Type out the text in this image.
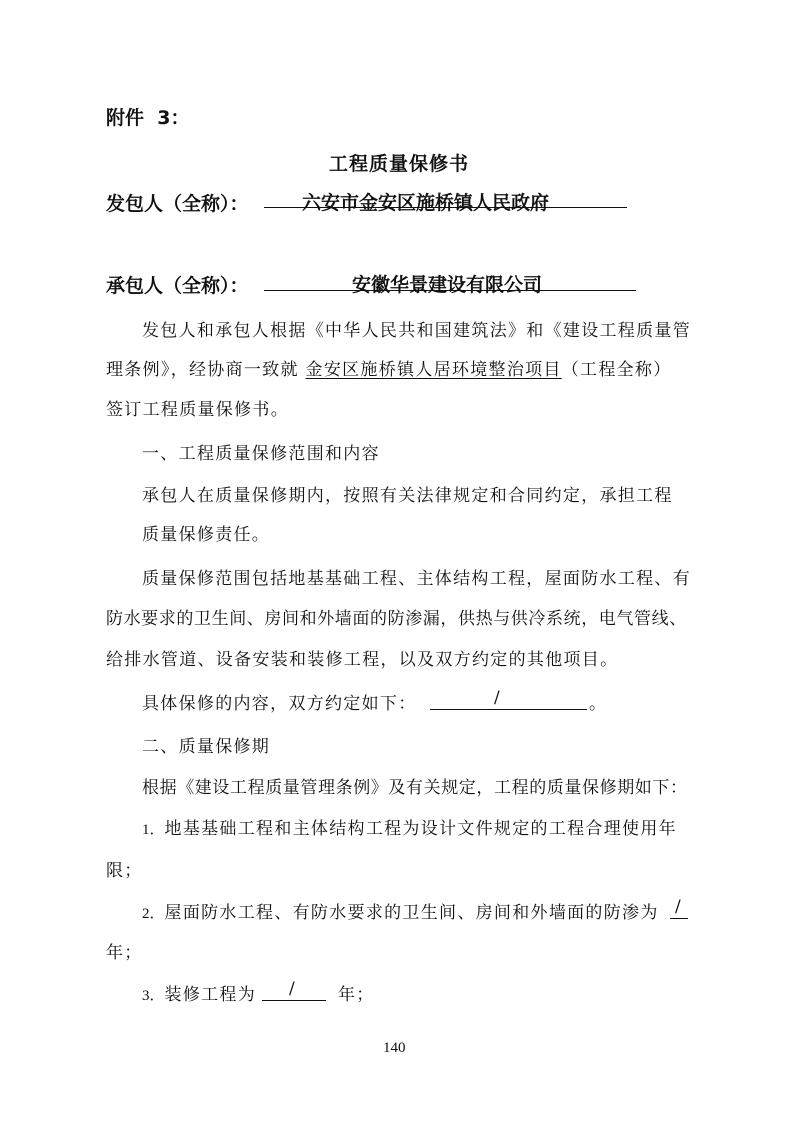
附件 3：
工程质量保修书
发包人（全称）：	六安市金安区施桥镇人民政府
承包人（全称）：	安徽华景建设有限公司
发包人和承包人根据《中华人民共和国建筑法》和《建设工程质量管
理条例》，经协商一致就 金安区施桥镇人居环境整治项目（工程全称）
签订工程质量保修书。
一、工程质量保修范围和内容
承包人在质量保修期内，按照有关法律规定和合同约定，承担工程
质量保修责任。
质量保修范围包括地基基础工程、主体结构工程，屋面防水工程、有
防水要求的卫生间、房间和外墙面的防渗漏，供热与供冷系统，电气管线、
给排水管道、设备安装和装修工程，以及双方约定的其他项目。
具体保修的内容，双方约定如下：	/	。
二、质量保修期
根据《建设工程质量管理条例》及有关规定，工程的质量保修期如下：
1．地基基础工程和主体结构工程为设计文件规定的工程合理使用年
限；
2．屋面防水工程、有防水要求的卫生间、房间和外墙面的防渗为 /
年；
3．装修工程为 / 年；
140
